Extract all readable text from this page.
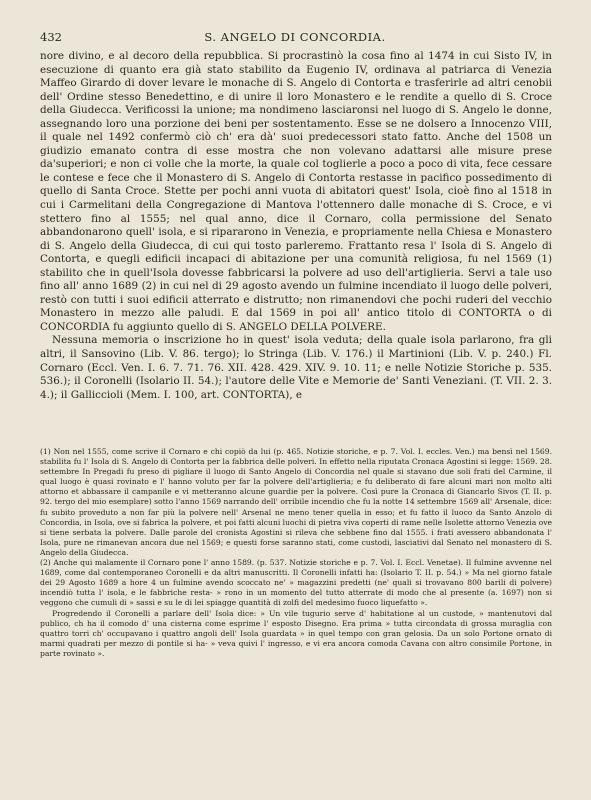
432	S. ANGELO DI CONCORDIA.

nore divino, e al decoro della repubblica. Si procrastinò la cosa fino al 1474 in cui Sisto IV, in esecuzione di quanto era già stato stabilito da Eugenio IV, ordinava al patriarca di Venezia Maffeo Girardo di dover levare le monache di S. Angelo di Contorta e trasferirle ad altri cenobii dell' Ordine stesso Benedettino, e di unire il loro Monastero e le rendite a quello di S. Croce della Giudecca. Verificossi la unione; ma nondimeno lasciaronsi nel luogo di S. Angelo le donne, assegnando loro una porzione dei beni per sostentamento. Esse se ne dolsero a Innocenzo VIII, il quale nel 1492 confermò ciò ch' era dà' suoi predecessori stato fatto. Anche del 1508 un giudizio emanato contra di esse mostra che non volevano adattarsi alle misure prese da'superiori; e non ci volle che la morte, la quale col toglierle a poco a poco di vita, fece cessare le contese e fece che il Monastero di S. Angelo di Contorta restasse in pacifico possedimento di quello di Santa Croce. Stette per pochi anni vuota di abitatori quest' Isola, cioè fino al 1518 in cui i Carmelitani della Congregazione di Mantova l'ottennero dalle monache di S. Croce, e vi stettero fino al 1555; nel qual anno, dice il Cornaro, colla permissione del Senato abbandonarono quell' isola, e si ripararono in Venezia, e propriamente nella Chiesa e Monastero di S. Angelo della Giudecca, di cui qui tosto parleremo. Frattanto resa l' Isola di S. Angelo di Contorta, e quegli edificii incapaci di abitazione per una comunità religiosa, fu nel 1569 (1) stabilito che in quell'Isola dovesse fabbricarsi la polvere ad uso dell'artiglieria. Servi a tale uso fino all' anno 1689 (2) in cui nel di 29 agosto avendo un fulmine incendiato il luogo delle polveri, restò con tutti i suoi edificii atterrato e distrutto; non rimanendovi che pochi ruderi del vecchio Monastero in mezzo alle paludi. E dal 1569 in poi all' antico titolo di CONTORTA o di CONCORDIA fu aggiunto quello di S. ANGELO DELLA POLVERE.

Nessuna memoria o inscrizione ho in quest' isola veduta; della quale isola parlarono, fra gli altri, il Sansovino (Lib. V. 86. tergo); lo Stringa (Lib. V. 176.) il Martinioni (Lib. V. p. 240.) Fl. Cornaro (Eccl. Ven. I. 6. 7. 71. 76. XII. 428. 429. XIV. 9. 10. 11; e nelle Notizie Storiche p. 535. 536.); il Coronelli (Isolario II. 54.); l'autore delle Vite e Memorie de' Santi Veneziani. (T. VII. 2. 3. 4.); il Galliccioli (Mem. I. 100, art. CONTORTA), e

(1) Non nel 1555, come scrive il Cornaro e chi copiò da lui (p. 465. Notizie storiche, e p. 7. Vol. I. eccles. Ven.) ma bensì nel 1569. stabilita fu l' Isola di S. Angelo di Contorta per la fabbrica delle polveri. In effetto nella riputata Cronaca Agostini si legge: 1569. 28. settembre In Pregadi fu preso di pigliare il luogo di Santo Angelo di Concordia nel quale si stavano due soli frati del Carmine, il qual luogo è quasi rovinato e l' hanno voluto per far la polvere dell'artiglieria; e fu deliberato di fare alcuni mari non molto alti attorno et abbassare il campanile e vi metteranno alcune guardie per la polvere. Così pure la Cronaca di Giancarlo Sivos (T. II. p. 92. tergo del mio esemplare) sotto l'anno 1569 narrando dell' orribile incendio che fu la notte 14 settembre 1569 all' Arsenale, dice: fu subito proveduto a non far più la polvere nell' Arsenal ne meno tener quella in esso; et fu fatto il luoco da Santo Anzolo di Concordia, in Isola, ove si fabrica la polvere, et poi fatti alcuni luochi di pietra viva coperti di rame nelle Isolette attorno Venezia ove si tiene serbata la polvere. Dalle parole del cronista Agostini si rileva che sebbene fino dal 1555. i frati avessero abbandonata l' Isola, pure ne rimanevan ancora due nel 1569; e questi forse saranno stati, come custodi, lasciativi dal Senato nel monastero di S. Angelo della Giudecca.

(2) Anche qui malamente il Cornaro pone l' anno 1589. (p. 537. Notizie storiche e p. 7. Vol. I. Eccl. Venetae). Il fulmine avvenne nel 1689, come dal contemporaneo Coronelli e da altri manuscritti. Il Coronelli infatti ha: (Isolario T. II. p. 54.) » Ma nel giorno fatale dei 29 Agosto 1689 a hore 4 un fulmine avendo scoccato ne' » magazzini predetti (ne' quali si trovavano 800 barili di polvere) incendiò tutta l' isola, e le fabbriche resta- » rono in un momento del tutto atterrate di modo che al presente (a. 1697) non si veggono che cumuli di » sassi e su le di lei spiagge quantità di zolfi del medesimo fuoco liquefatto ».

Progredendo il Coronelli a parlare dell' Isola dice: » Un vile tugurio serve d' habitatione al un custode, » mantenutovi dal publico, ch ha il comodo d' una cisterna come esprime l' esposto Disegno. Era prima » tutta circondata di grossa muraglia con quattro torri ch' occupavano i quattro angoli dell' Isola guardata » in quel tempo con gran gelosia. Da un solo Portone ornato di marmi quadrati per mezzo di pontile si ha- » veva quivi l' ingresso, e vi era ancora comoda Cavana con altro consimile Portone, in parte rovinato ».
